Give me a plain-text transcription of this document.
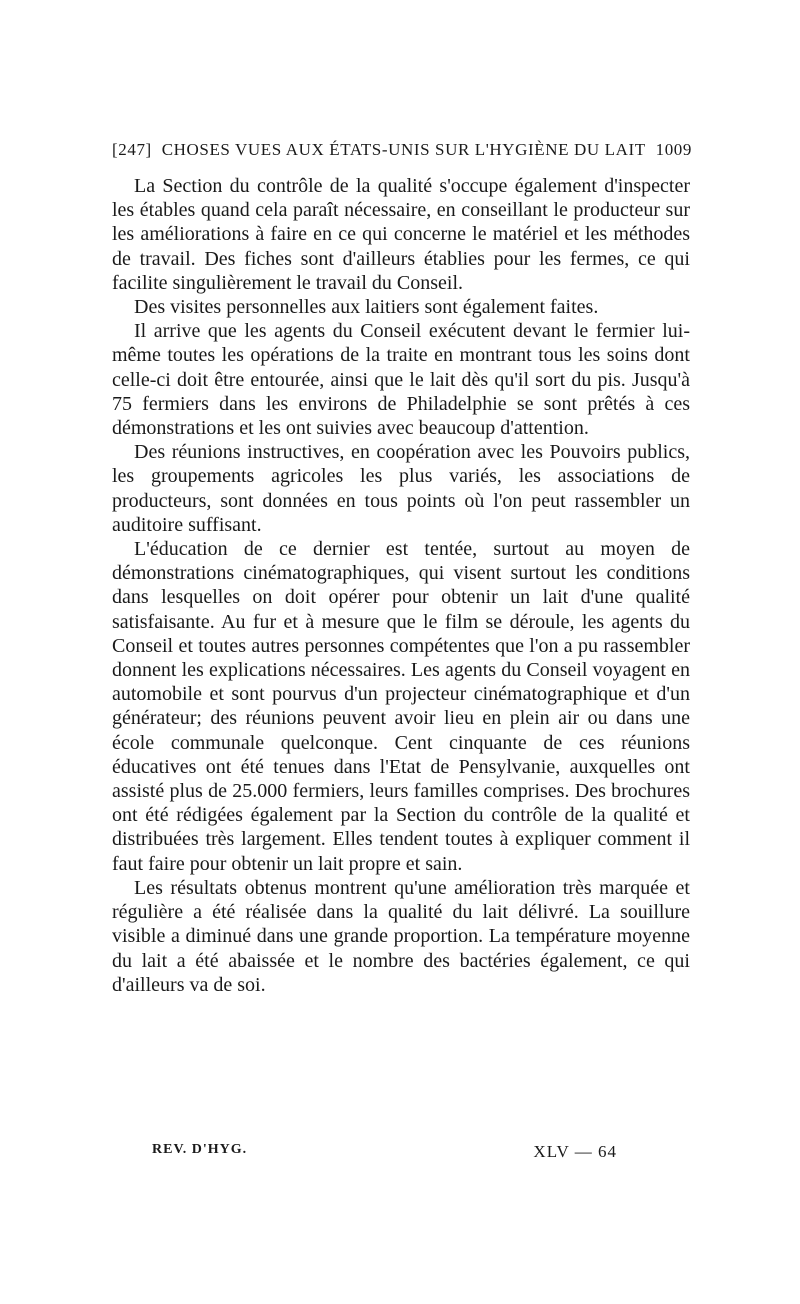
[247] CHOSES VUES AUX ÉTATS-UNIS SUR L'HYGIÈNE DU LAIT 1009

La Section du contrôle de la qualité s'occupe également d'inspecter les étables quand cela paraît nécessaire, en conseillant le producteur sur les améliorations à faire en ce qui concerne le matériel et les méthodes de travail. Des fiches sont d'ailleurs établies pour les fermes, ce qui facilite singulièrement le travail du Conseil.

Des visites personnelles aux laitiers sont également faites.

Il arrive que les agents du Conseil exécutent devant le fermier lui-même toutes les opérations de la traite en montrant tous les soins dont celle-ci doit être entourée, ainsi que le lait dès qu'il sort du pis. Jusqu'à 75 fermiers dans les environs de Philadelphie se sont prêtés à ces démonstrations et les ont suivies avec beaucoup d'attention.

Des réunions instructives, en coopération avec les Pouvoirs publics, les groupements agricoles les plus variés, les associations de producteurs, sont données en tous points où l'on peut rassembler un auditoire suffisant.

L'éducation de ce dernier est tentée, surtout au moyen de démonstrations cinématographiques, qui visent surtout les conditions dans lesquelles on doit opérer pour obtenir un lait d'une qualité satisfaisante. Au fur et à mesure que le film se déroule, les agents du Conseil et toutes autres personnes compétentes que l'on a pu rassembler donnent les explications nécessaires. Les agents du Conseil voyagent en automobile et sont pourvus d'un projecteur cinématographique et d'un générateur; des réunions peuvent avoir lieu en plein air ou dans une école communale quelconque. Cent cinquante de ces réunions éducatives ont été tenues dans l'Etat de Pensylvanie, auxquelles ont assisté plus de 25.000 fermiers, leurs familles comprises. Des brochures ont été rédigées également par la Section du contrôle de la qualité et distribuées très largement. Elles tendent toutes à expliquer comment il faut faire pour obtenir un lait propre et sain.

Les résultats obtenus montrent qu'une amélioration très marquée et régulière a été réalisée dans la qualité du lait délivré. La souillure visible a diminué dans une grande proportion. La température moyenne du lait a été abaissée et le nombre des bactéries également, ce qui d'ailleurs va de soi.

REV. D'HYG.	XLV — 64
